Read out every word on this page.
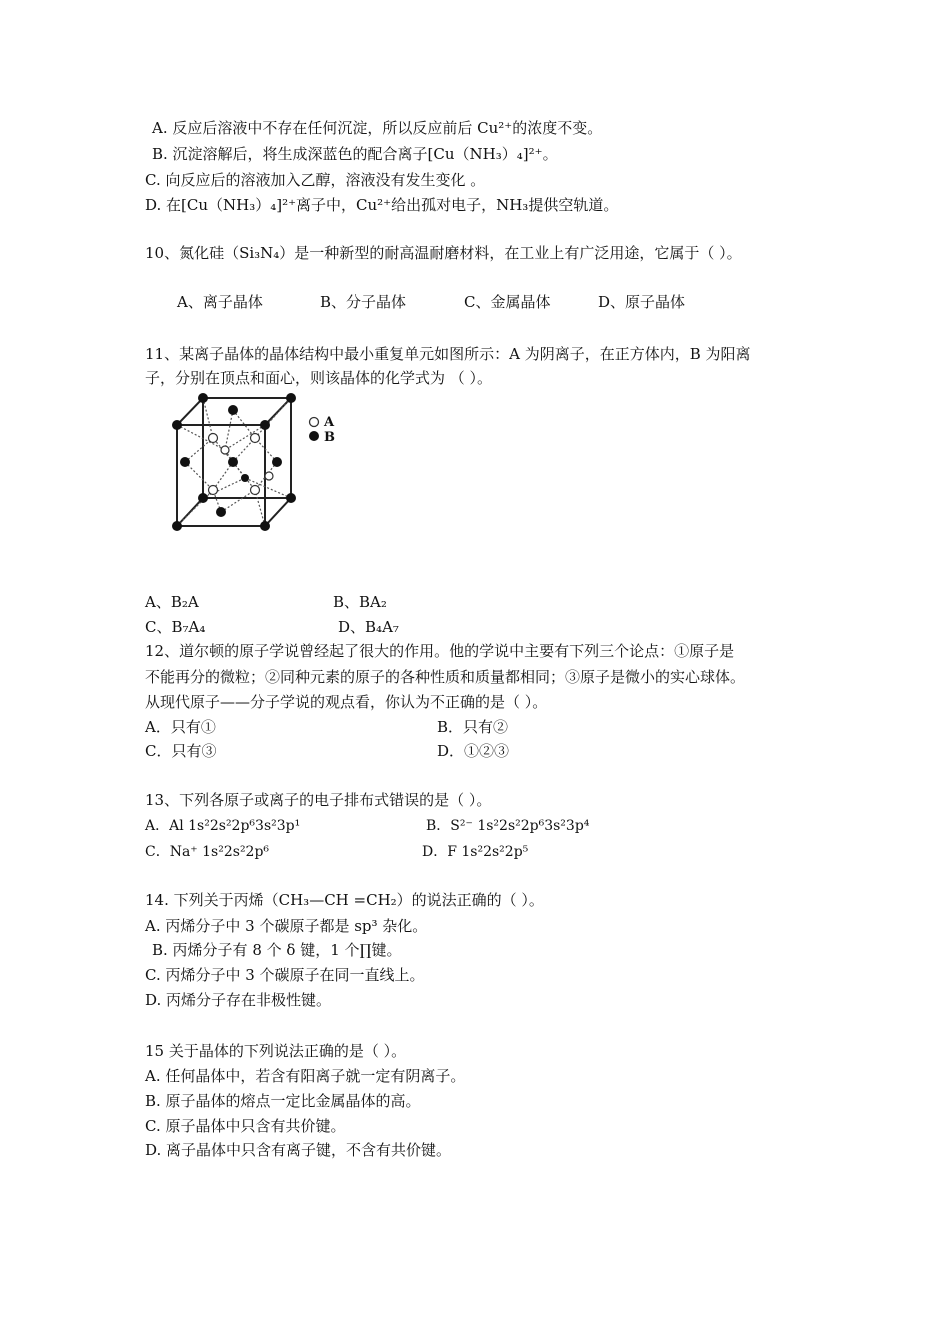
A. 反应后溶液中不存在任何沉淀，所以反应前后 Cu²⁺的浓度不变。
B. 沉淀溶解后，将生成深蓝色的配合离子[Cu（NH₃）₄]²⁺。
C. 向反应后的溶液加入乙醇，溶液没有发生变化 。
D. 在[Cu（NH₃）₄]²⁺离子中，Cu²⁺给出孤对电子，NH₃提供空轨道。
10、氮化硅（Si₃N₄）是一种新型的耐高温耐磨材料，在工业上有广泛用途，它属于（ ）。
A、离子晶体	B、分子晶体	C、金属晶体	D、原子晶体
11、某离子晶体的晶体结构中最小重复单元如图所示：A 为阴离子，在正方体内，B 为阳离
子，分别在顶点和面心，则该晶体的化学式为 （ ）。
A
B
A、B₂A	B、BA₂
C、B₇A₄	D、B₄A₇
12、道尔顿的原子学说曾经起了很大的作用。他的学说中主要有下列三个论点：①原子是
不能再分的微粒；②同种元素的原子的各种性质和质量都相同；③原子是微小的实心球体。
从现代原子——分子学说的观点看，你认为不正确的是（ ）。
A．只有①	B．只有②
C．只有③	D．①②③
13、下列各原子或离子的电子排布式错误的是（ ）。
A．Al 1s²2s²2p⁶3s²3p¹	B．S²⁻ 1s²2s²2p⁶3s²3p⁴
C．Na⁺ 1s²2s²2p⁶	D．F 1s²2s²2p⁵
14. 下列关于丙烯（CH₃—CH =CH₂）的说法正确的（ ）。
A. 丙烯分子中 3 个碳原子都是 sp³ 杂化。
B. 丙烯分子有 8 个 δ 键，1 个∏键。
C. 丙烯分子中 3 个碳原子在同一直线上。
D. 丙烯分子存在非极性键。
15 关于晶体的下列说法正确的是（ ）。
A. 任何晶体中，若含有阳离子就一定有阴离子。
B. 原子晶体的熔点一定比金属晶体的高。
C. 原子晶体中只含有共价键。
D. 离子晶体中只含有离子键，不含有共价键。
